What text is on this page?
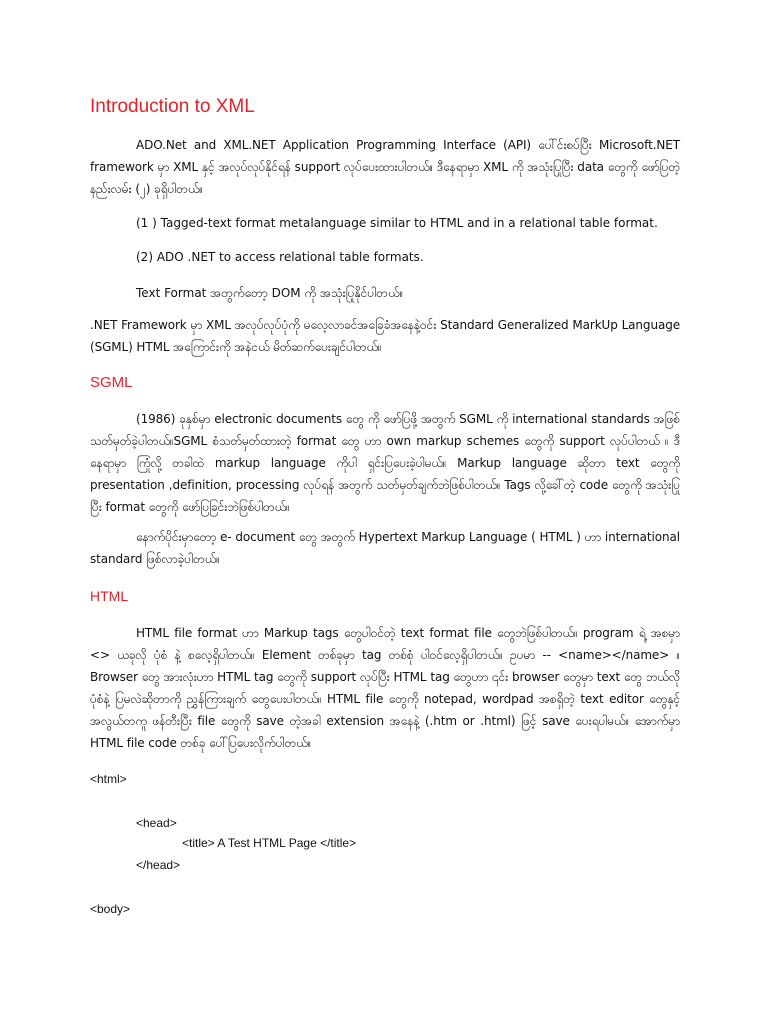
Introduction to XML

ADO.Net and XML.NET Application Programming Interface (API) ပေါ်င်းစပ်ပြီး Microsoft.NET framework မှာ XML နှင့် အလုပ်လုပ်နိုင်ရန် support လုပ်ပေးထားပါတယ်။ ဒီနေရာမှာ XML ကို အသုံးပြုပြီး data တွေကို ဖော်ပြတဲ့ နည်းလမ်း (၂) ခုရှိပါတယ်။

(1 ) Tagged-text format metalanguage similar to HTML and in a relational table format.

(2) ADO .NET to access relational table formats.

Text Format အတွက်တော့ DOM ကို အသုံးပြုနိုင်ပါတယ်။

.NET Framework မှာ XML အလုပ်လုပ်ပုံကို မလေ့လာခင်အခြေခံအနေနဲ့ဝင်း Standard Generalized MarkUp Language (SGML) HTML အကြောင်းကို အနဲငယ် မိတ်ဆက်ပေးချင်ပါတယ်။

SGML

(1986) ခုနှစ်မှာ electronic documents တွေ ကို ဖော်ပြဖို့ အတွက် SGML ကို international standards အဖြစ် သတ်မှတ်ခဲ့ပါတယ်။SGML စံသတ်မှတ်ထားတဲ့ format တွေ ဟာ own markup schemes တွေကို support လုပ်ပါတယ် ။ ဒီနေရာမှာ ကြုံလို့ တခါထဲ markup language ကိုပါ ရှင်းပြပေးခဲ့ပါမယ်။ Markup language ဆိုတာ text တွေကို presentation ,definition, processing လုပ်ရန် အတွက် သတ်မှတ်ချက်ဘဲဖြစ်ပါတယ်။ Tags လို့ခေါ်တဲ့ code တွေကို အသုံးပြုပြီး format တွေကို ဖော်ပြခြင်းဘဲဖြစ်ပါတယ်။

နောက်ပိုင်းမှာတော့ e- document တွေ အတွက် Hypertext Markup Language ( HTML ) ဟာ international standard ဖြစ်လာခဲ့ပါတယ်။

HTML

HTML file format ဟာ Markup tags တွေပါဝင်တဲ့ text format file တွေဘဲဖြစ်ပါတယ်။ program ရဲ့ အစမှာ <> ယခုလို ပုံစံ နဲ့ စလေ့ရှိပါတယ်။ Element တစ်ခုမှာ tag တစ်စုံ ပါဝင်လေ့ရှိပါတယ်။ ဥပမာ -- <name></name> ။ Browser တွေ အားလုံးဟာ HTML tag တွေကို support လုပ်ပြီး HTML tag တွေဟာ ၎င်း browser တွေမှာ text တွေ ဘယ်လို ပုံစံနဲ့ ပြမလဲဆိုတာကို ညွှန်ကြားချက် တွေပေးပါတယ်။ HTML file တွေကို notepad, wordpad အစရှိတဲ့ text editor တွေနှင့် အလွယ်တကူ ဖန်တီးပြီး file တွေကို save တဲ့အခါ extension အနေနဲ့ (.htm or .html) ဖြင့် save ပေးရပါမယ်။ အောက်မှာ HTML file code တစ်ခု ပေါ်ပြပေးလိုက်ပါတယ်။

<html>

<head>

<title> A Test HTML Page </title>

</head>

<body>
